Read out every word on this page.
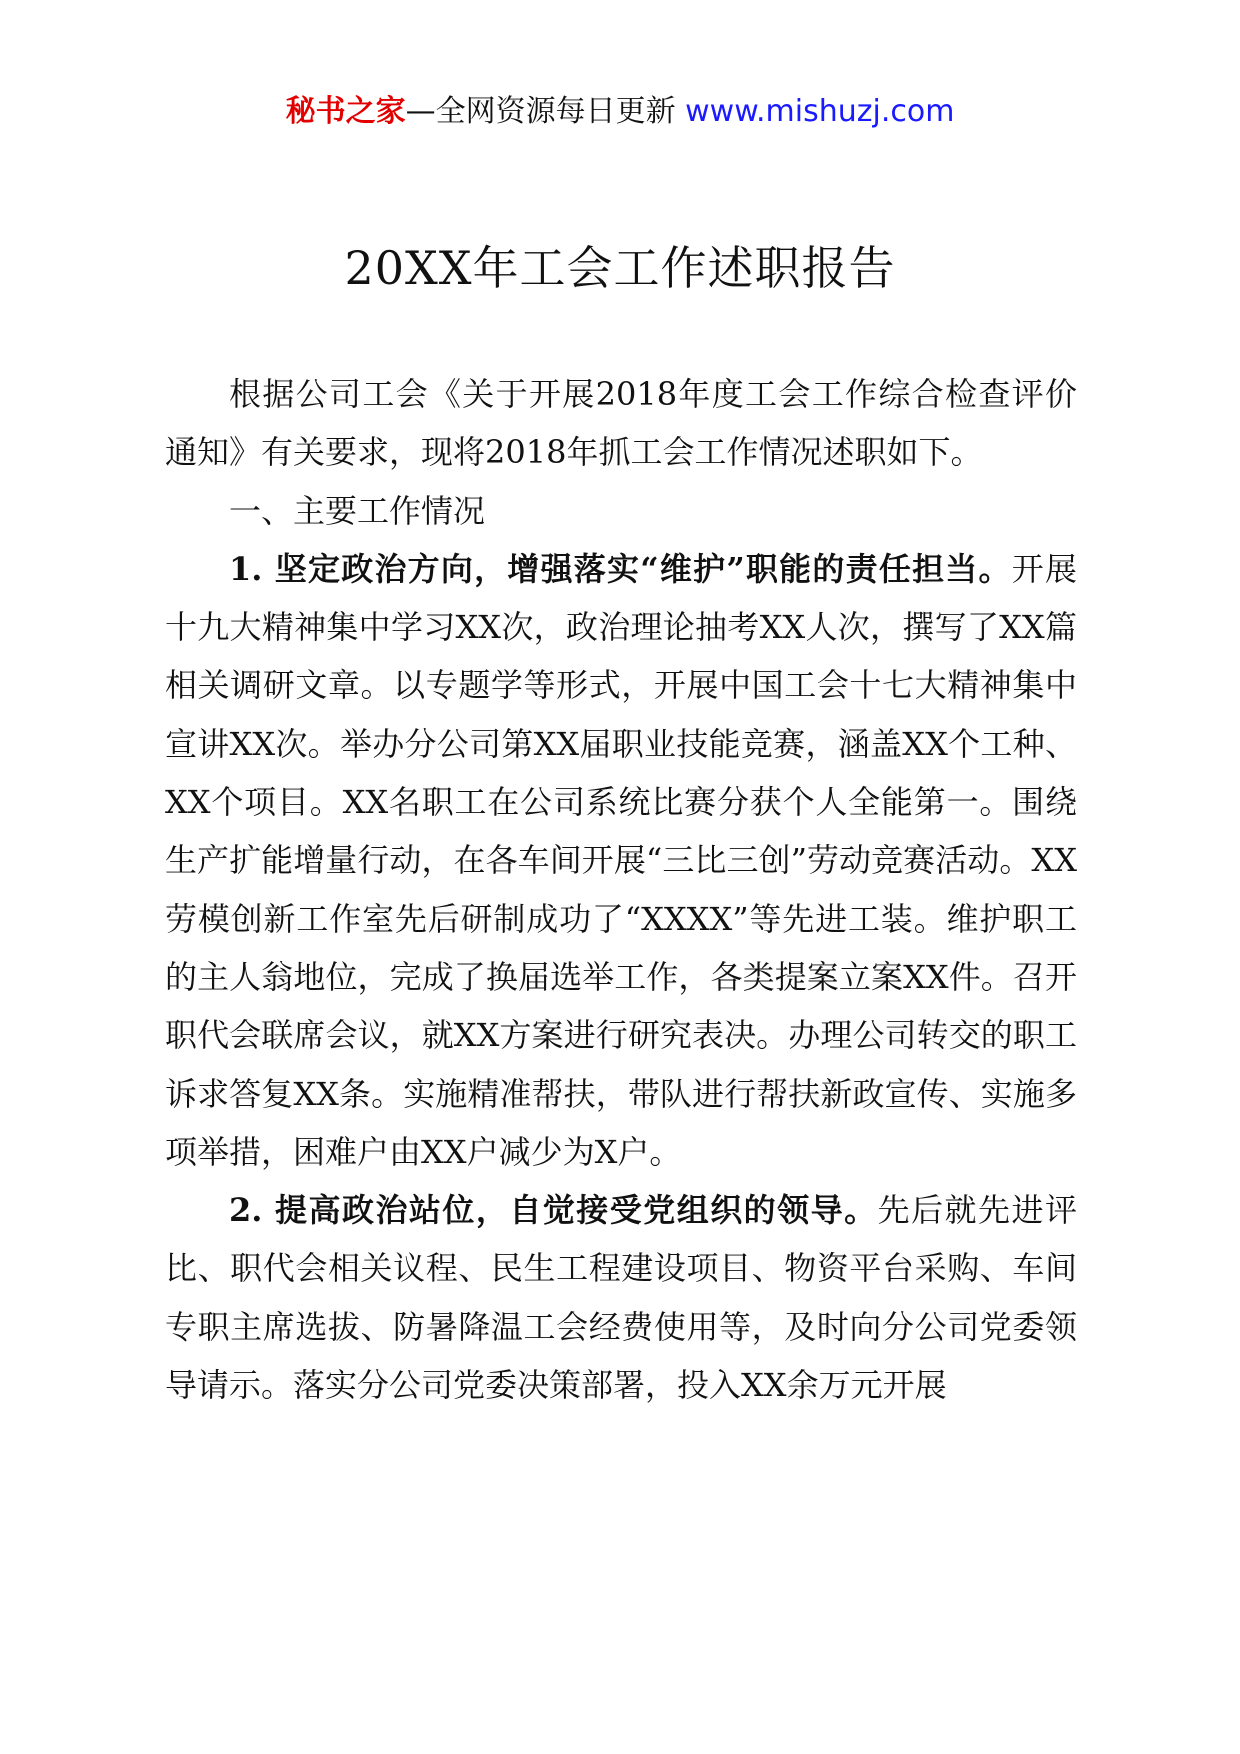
秘书之家—全网资源每日更新 www.mishuzj.com
20XX年工会工作述职报告

根据公司工会《关于开展2018年度工会工作综合检查评价通知》有关要求，现将2018年抓工会工作情况述职如下。

一、主要工作情况

1. 坚定政治方向，增强落实“维护”职能的责任担当。开展十九大精神集中学习XX次，政治理论抽考XX人次，撰写了XX篇相关调研文章。以专题学等形式，开展中国工会十七大精神集中宣讲XX次。举办分公司第XX届职业技能竞赛，涵盖XX个工种、XX个项目。XX名职工在公司系统比赛分获个人全能第一。围绕生产扩能增量行动，在各车间开展“三比三创”劳动竞赛活动。XX劳模创新工作室先后研制成功了“XXXX”等先进工装。维护职工的主人翁地位，完成了换届选举工作，各类提案立案XX件。召开职代会联席会议，就XX方案进行研究表决。办理公司转交的职工诉求答复XX条。实施精准帮扶，带队进行帮扶新政宣传、实施多项举措，困难户由XX户减少为X户。

2. 提高政治站位，自觉接受党组织的领导。先后就先进评比、职代会相关议程、民生工程建设项目、物资平台采购、车间专职主席选拔、防暑降温工会经费使用等，及时向分公司党委领导请示。落实分公司党委决策部署，投入XX余万元开展
